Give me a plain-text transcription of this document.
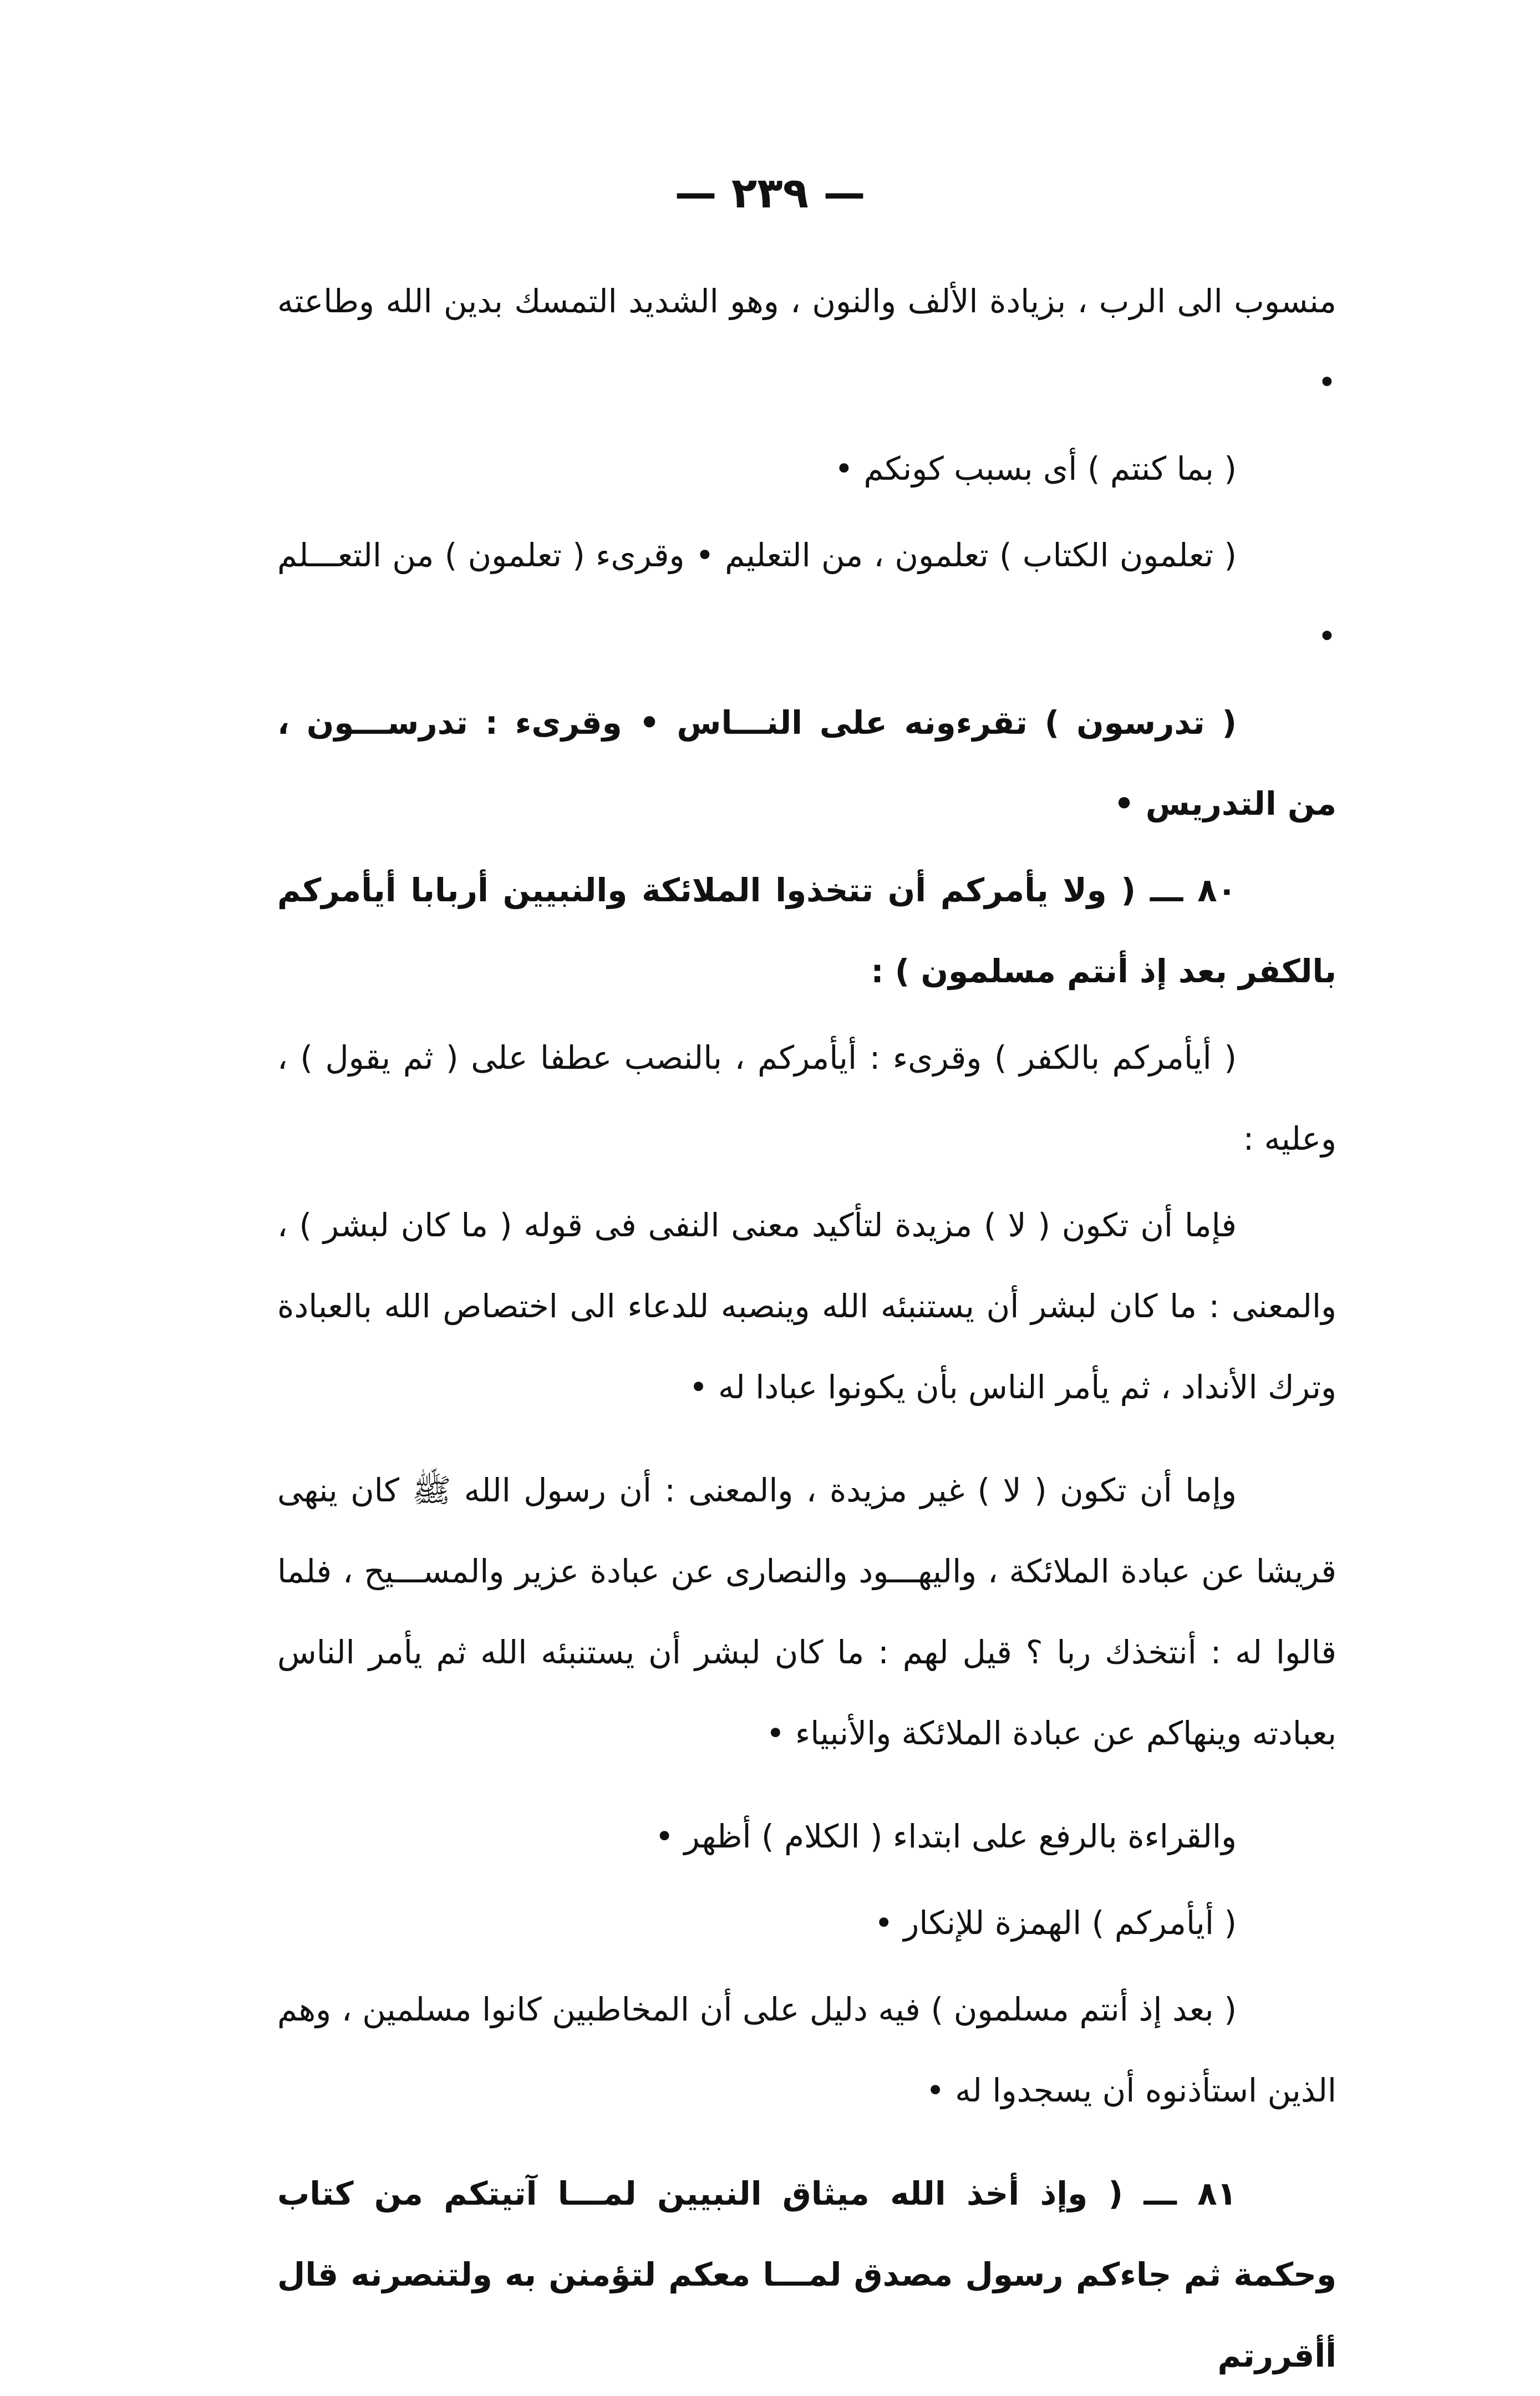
— ٢٣٩ —

منسوب الى الرب ، بزيادة الألف والنون ، وهو الشديد التمسك بدين الله وطاعته •

( بما كنتم ) أى بسبب كونكم •

( تعلمون الكتاب ) تعلمون ، من التعليم • وقرىء ( تعلمون ) من التعـــلم •

( تدرسون ) تقرءونه على النـــاس • وقرىء : تدرســـون ، من التدريس •

٨٠ ـــ ( ولا يأمركم أن تتخذوا الملائكة والنبيين أربابا أيأمركم بالكفر بعد إذ أنتم مسلمون ) :

( أيأمركم بالكفر ) وقرىء : أيأمركم ، بالنصب عطفا على ( ثم يقول ) ، وعليه :

فإما أن تكون ( لا ) مزيدة لتأكيد معنى النفى فى قوله ( ما كان لبشر ) ، والمعنى : ما كان لبشر أن يستنبئه الله وينصبه للدعاء الى اختصاص الله بالعبادة وترك الأنداد ، ثم يأمر الناس بأن يكونوا عبادا له •

وإما أن تكون ( لا ) غير مزيدة ، والمعنى : أن رسول الله ﷺ كان ينهى قريشا عن عبادة الملائكة ، واليهـــود والنصارى عن عبادة عزير والمســـيح ، فلما قالوا له : أنتخذك ربا ؟ قيل لهم : ما كان لبشر أن يستنبئه الله ثم يأمر الناس بعبادته وينهاكم عن عبادة الملائكة والأنبياء •

والقراءة بالرفع على ابتداء ( الكلام ) أظهر •

( أيأمركم ) الهمزة للإنكار •

( بعد إذ أنتم مسلمون ) فيه دليل على أن المخاطبين كانوا مسلمين ، وهم الذين استأذنوه أن يسجدوا له •

٨١ ـــ ( وإذ أخذ الله ميثاق النبيين لمـــا آتيتكم من كتاب وحكمة ثم جاءكم رسول مصدق لمـــا معكم لتؤمنن به ولتنصرنه قال أأقررتم
